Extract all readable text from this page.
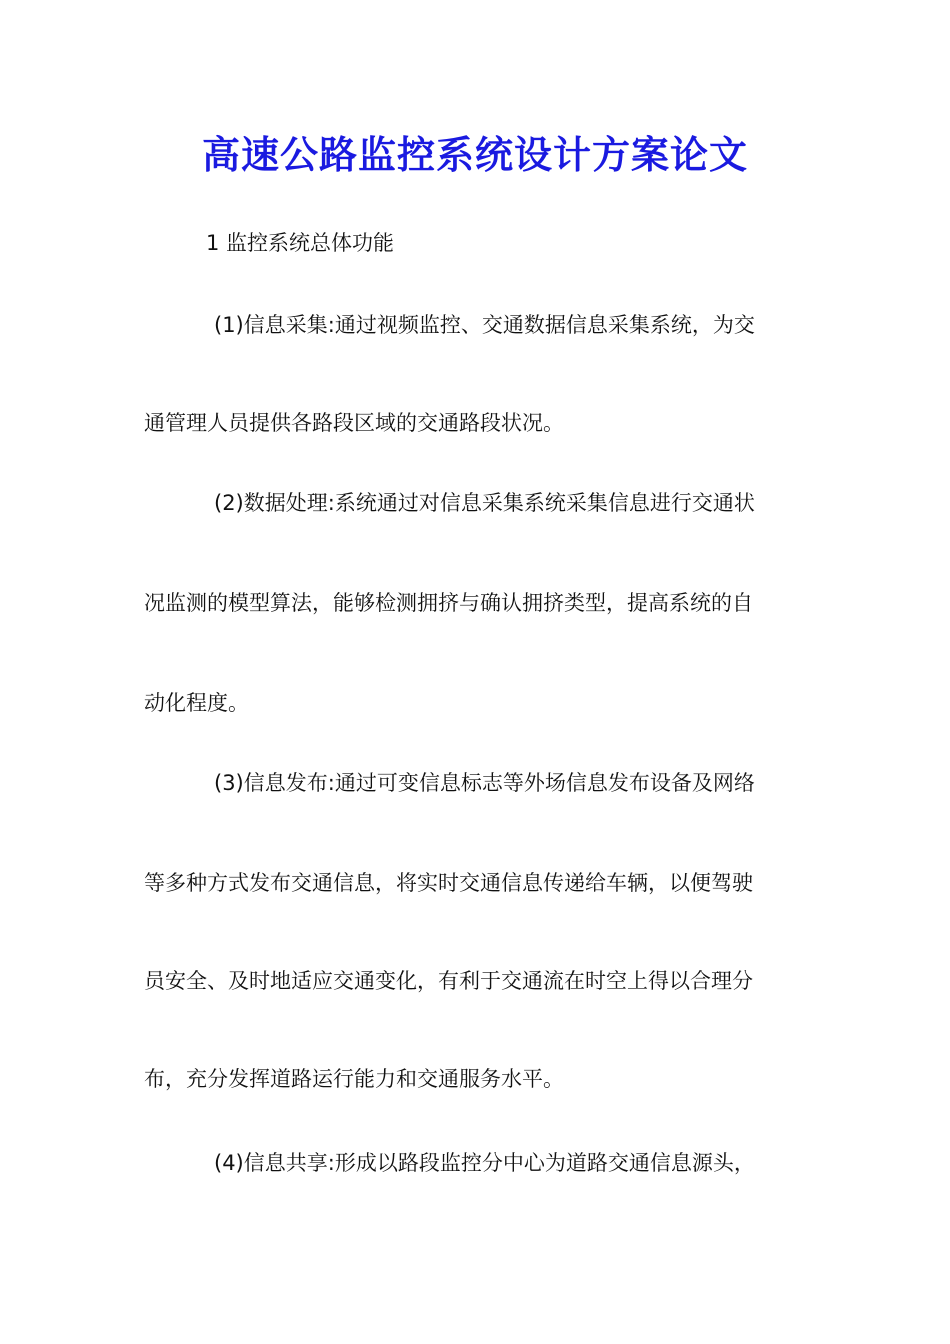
高速公路监控系统设计方案论文
1 监控系统总体功能
(1)信息采集:通过视频监控、交通数据信息采集系统，为交
通管理人员提供各路段区域的交通路段状况。
(2)数据处理:系统通过对信息采集系统采集信息进行交通状
况监测的模型算法，能够检测拥挤与确认拥挤类型，提高系统的自
动化程度。
(3)信息发布:通过可变信息标志等外场信息发布设备及网络
等多种方式发布交通信息，将实时交通信息传递给车辆，以便驾驶
员安全、及时地适应交通变化，有利于交通流在时空上得以合理分
布，充分发挥道路运行能力和交通服务水平。
(4)信息共享:形成以路段监控分中心为道路交通信息源头，
